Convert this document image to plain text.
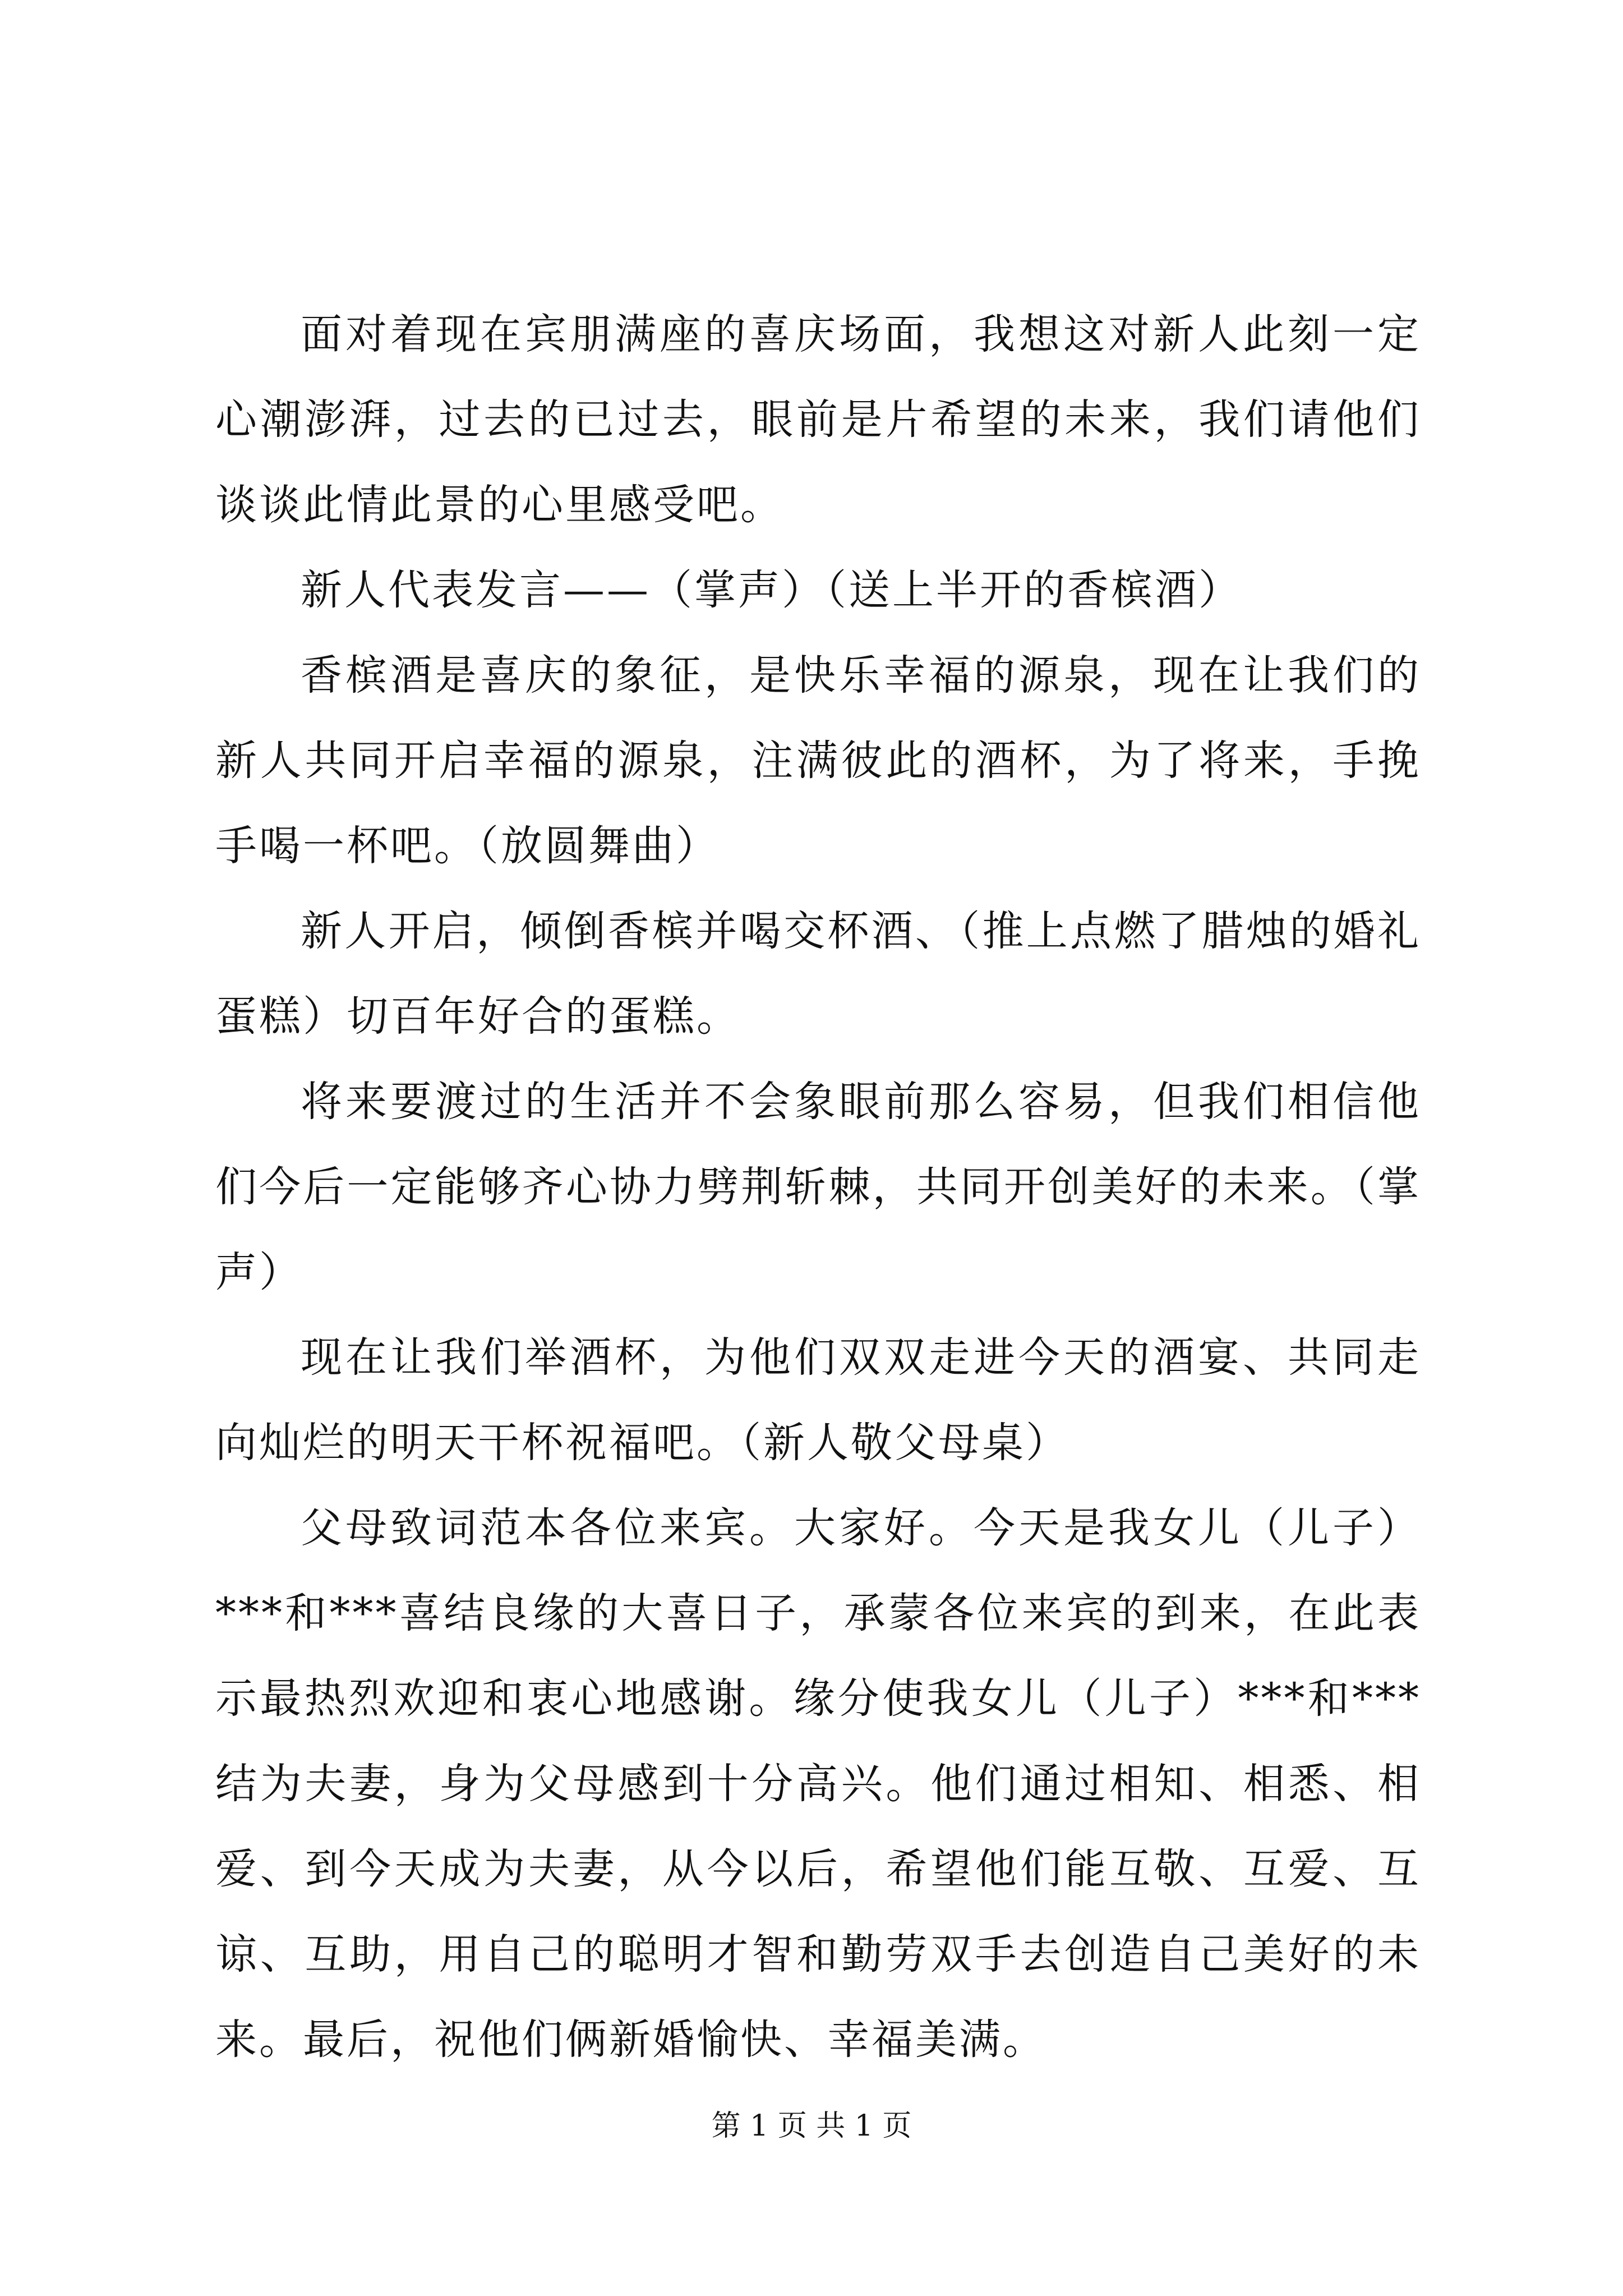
面对着现在宾朋满座的喜庆场面，我想这对新人此刻一定心潮澎湃，过去的已过去，眼前是片希望的未来，我们请他们谈谈此情此景的心里感受吧。

新人代表发言——（掌声）（送上半开的香槟酒）

香槟酒是喜庆的象征，是快乐幸福的源泉，现在让我们的新人共同开启幸福的源泉，注满彼此的酒杯，为了将来，手挽手喝一杯吧。（放圆舞曲）

新人开启，倾倒香槟并喝交杯酒、（推上点燃了腊烛的婚礼蛋糕）切百年好合的蛋糕。

将来要渡过的生活并不会象眼前那么容易，但我们相信他们今后一定能够齐心协力劈荆斩棘，共同开创美好的未来。（掌声）

现在让我们举酒杯，为他们双双走进今天的酒宴、共同走向灿烂的明天干杯祝福吧。（新人敬父母桌）

父母致词范本各位来宾。大家好。今天是我女儿（儿子）***和***喜结良缘的大喜日子，承蒙各位来宾的到来，在此表示最热烈欢迎和衷心地感谢。缘分使我女儿（儿子）***和***结为夫妻，身为父母感到十分高兴。他们通过相知、相悉、相爱、到今天成为夫妻，从今以后，希望他们能互敬、互爱、互谅、互助，用自己的聪明才智和勤劳双手去创造自己美好的未来。最后，祝他们俩新婚愉快、幸福美满。

第 1 页 共 1 页
